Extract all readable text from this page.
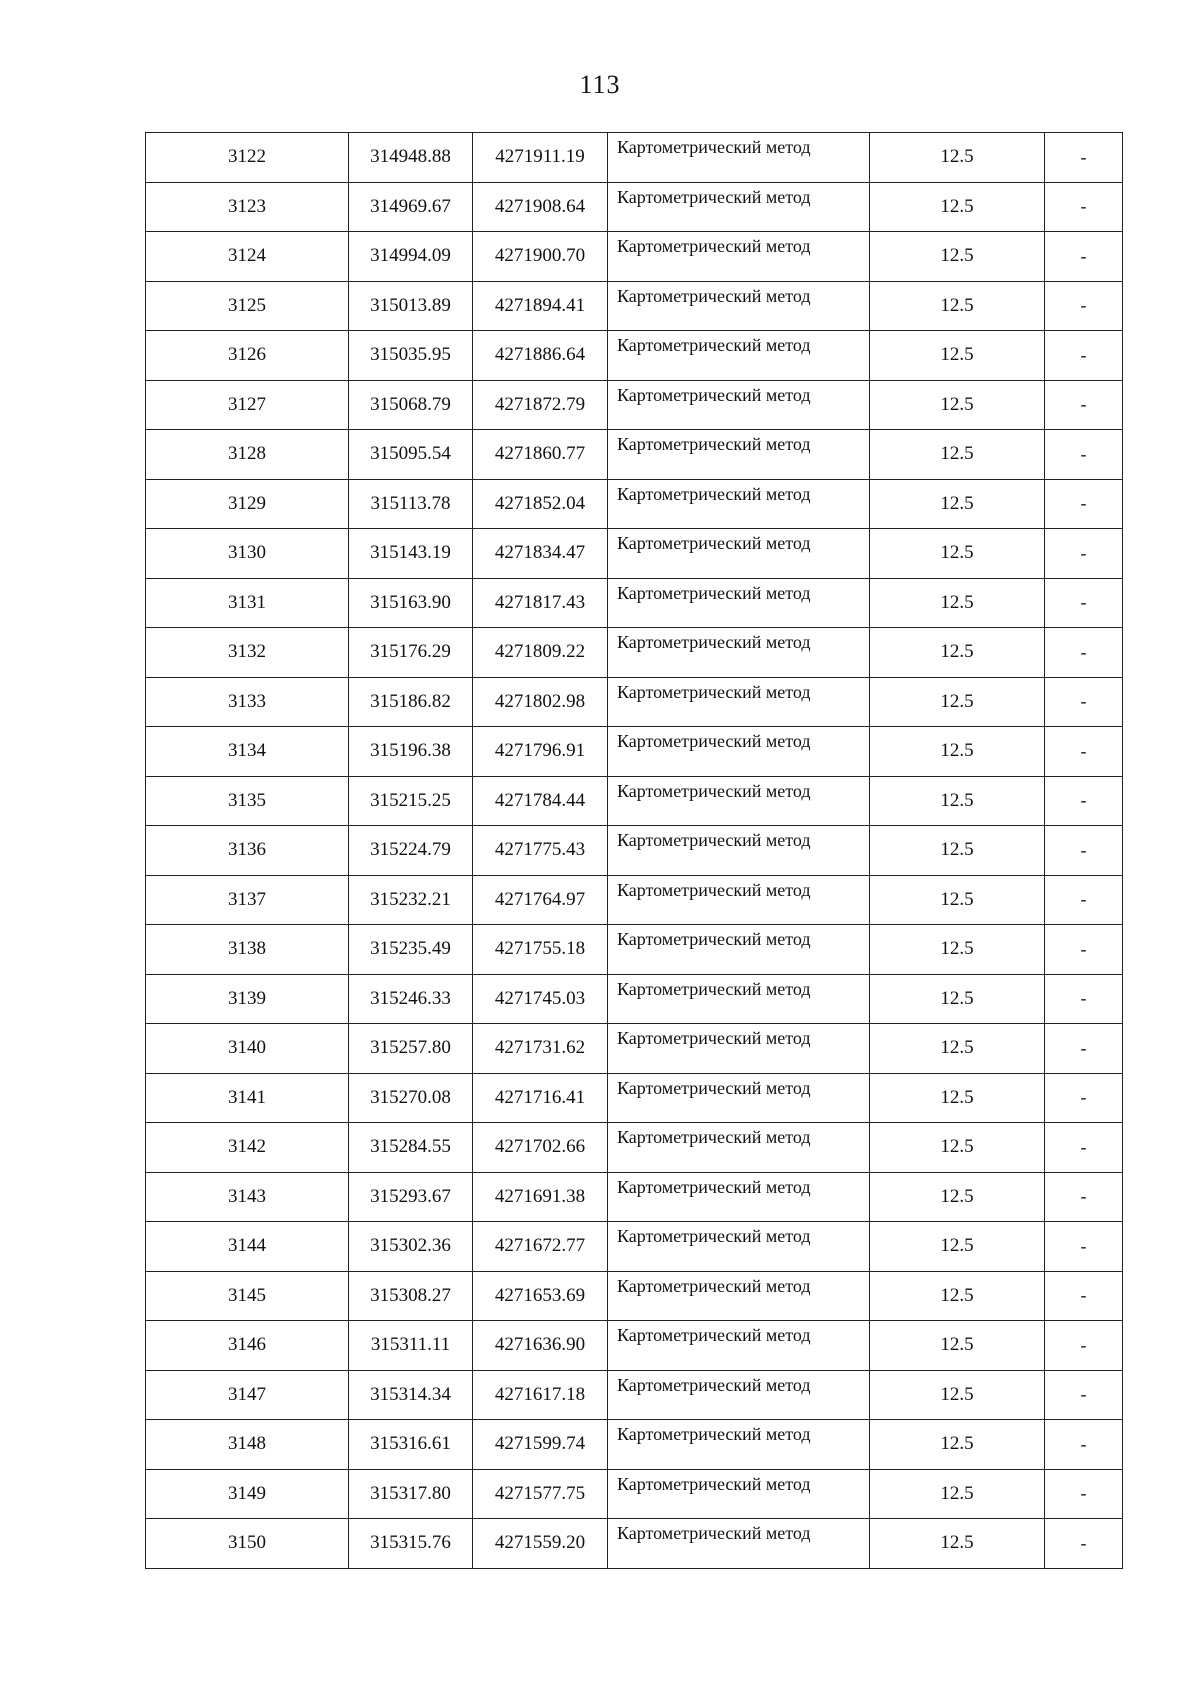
113
3122	314948.88	4271911.19	Картометрический метод	12.5	-
3123	314969.67	4271908.64	Картометрический метод	12.5	-
3124	314994.09	4271900.70	Картометрический метод	12.5	-
3125	315013.89	4271894.41	Картометрический метод	12.5	-
3126	315035.95	4271886.64	Картометрический метод	12.5	-
3127	315068.79	4271872.79	Картометрический метод	12.5	-
3128	315095.54	4271860.77	Картометрический метод	12.5	-
3129	315113.78	4271852.04	Картометрический метод	12.5	-
3130	315143.19	4271834.47	Картометрический метод	12.5	-
3131	315163.90	4271817.43	Картометрический метод	12.5	-
3132	315176.29	4271809.22	Картометрический метод	12.5	-
3133	315186.82	4271802.98	Картометрический метод	12.5	-
3134	315196.38	4271796.91	Картометрический метод	12.5	-
3135	315215.25	4271784.44	Картометрический метод	12.5	-
3136	315224.79	4271775.43	Картометрический метод	12.5	-
3137	315232.21	4271764.97	Картометрический метод	12.5	-
3138	315235.49	4271755.18	Картометрический метод	12.5	-
3139	315246.33	4271745.03	Картометрический метод	12.5	-
3140	315257.80	4271731.62	Картометрический метод	12.5	-
3141	315270.08	4271716.41	Картометрический метод	12.5	-
3142	315284.55	4271702.66	Картометрический метод	12.5	-
3143	315293.67	4271691.38	Картометрический метод	12.5	-
3144	315302.36	4271672.77	Картометрический метод	12.5	-
3145	315308.27	4271653.69	Картометрический метод	12.5	-
3146	315311.11	4271636.90	Картометрический метод	12.5	-
3147	315314.34	4271617.18	Картометрический метод	12.5	-
3148	315316.61	4271599.74	Картометрический метод	12.5	-
3149	315317.80	4271577.75	Картометрический метод	12.5	-
3150	315315.76	4271559.20	Картометрический метод	12.5	-
